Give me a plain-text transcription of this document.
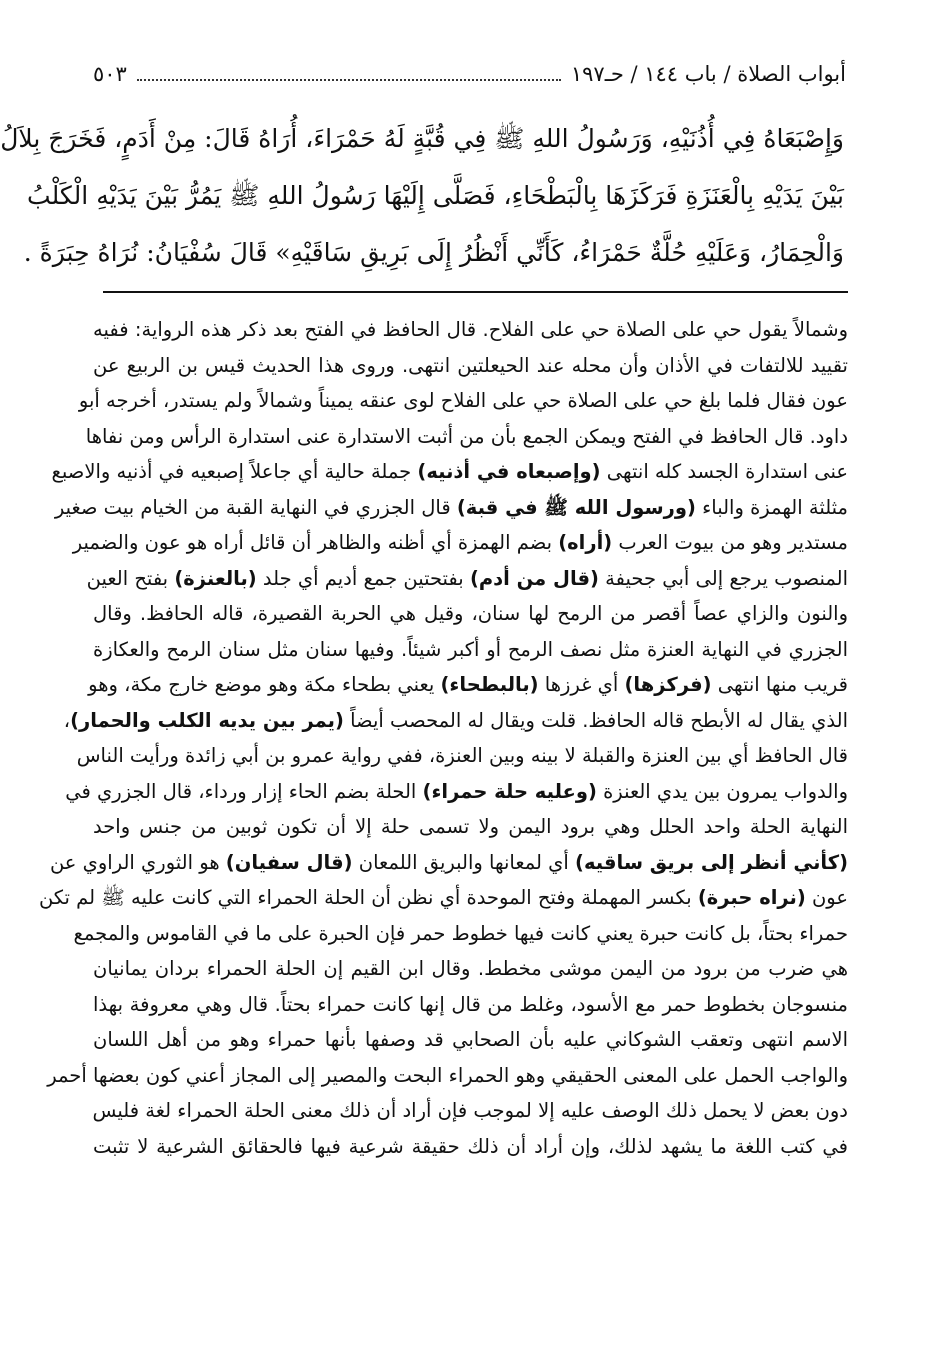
أبواب الصلاة / باب ١٤٤ / حـ١٩٧
٥٠٣
وَإِصْبَعَاهُ فِي أُذُنَيْهِ، وَرَسُولُ اللهِ ﷺ فِي قُبَّةٍ لَهُ حَمْرَاءَ، أُرَاهُ قَالَ: مِنْ أَدَمٍ، فَخَرَجَ بِلاَلُ
بَيْنَ يَدَيْهِ بِالْعَنَزَةِ فَرَكَزَهَا بِالْبَطْحَاءِ، فَصَلَّى إِلَيْهَا رَسُولُ اللهِ ﷺ يَمُرُّ بَيْنَ يَدَيْهِ الْكَلْبُ
وَالْحِمَارُ، وَعَلَيْهِ حُلَّةٌ حَمْرَاءُ، كَأَنِّي أَنْظُرُ إِلَى بَرِيقِ سَاقَيْهِ» قَالَ سُفْيَانُ: نُرَاهُ حِبَرَةً .
وشمالاً يقول حي على الصلاة حي على الفلاح. قال الحافظ في الفتح بعد ذكر هذه الرواية: ففيه
تقييد للالتفات في الأذان وأن محله عند الحيعلتين انتهى. وروى هذا الحديث قيس بن الربيع عن
عون فقال فلما بلغ حي على الصلاة حي على الفلاح لوى عنقه يميناً وشمالاً ولم يستدر، أخرجه أبو
داود. قال الحافظ في الفتح ويمكن الجمع بأن من أثبت الاستدارة عنى استدارة الرأس ومن نفاها
عنى استدارة الجسد كله انتهى (وإصبعاه في أذنيه) جملة حالية أي جاعلاً إصبعيه في أذنيه والاصبع
مثلثة الهمزة والباء (ورسول الله ﷺ في قبة) قال الجزري في النهاية القبة من الخيام بيت صغير
مستدير وهو من بيوت العرب (أراه) بضم الهمزة أي أظنه والظاهر أن قائل أراه هو عون والضمير
المنصوب يرجع إلى أبي جحيفة (قال من أدم) بفتحتين جمع أديم أي جلد (بالعنزة) بفتح العين
والنون والزاي عصاً أقصر من الرمح لها سنان، وقيل هي الحربة القصيرة، قاله الحافظ. وقال
الجزري في النهاية العنزة مثل نصف الرمح أو أكبر شيئاً. وفيها سنان مثل سنان الرمح والعكازة
قريب منها انتهى (فركزها) أي غرزها (بالبطحاء) يعني بطحاء مكة وهو موضع خارج مكة، وهو
الذي يقال له الأبطح قاله الحافظ. قلت ويقال له المحصب أيضاً (يمر بين يديه الكلب والحمار)،
قال الحافظ أي بين العنزة والقبلة لا بينه وبين العنزة، ففي رواية عمرو بن أبي زائدة ورأيت الناس
والدواب يمرون بين يدي العنزة (وعليه حلة حمراء) الحلة بضم الحاء إزار ورداء، قال الجزري في
النهاية الحلة واحد الحلل وهي برود اليمن ولا تسمى حلة إلا أن تكون ثوبين من جنس واحد
(كأني أنظر إلى بريق ساقيه) أي لمعانها والبريق اللمعان (قال سفيان) هو الثوري الراوي عن
عون (نراه حبرة) بكسر المهملة وفتح الموحدة أي نظن أن الحلة الحمراء التي كانت عليه ﷺ لم تكن
حمراء بحتاً، بل كانت حبرة يعني كانت فيها خطوط حمر فإن الحبرة على ما في القاموس والمجمع
هي ضرب من برود من اليمن موشى مخطط. وقال ابن القيم إن الحلة الحمراء بردان يمانيان
منسوجان بخطوط حمر مع الأسود، وغلط من قال إنها كانت حمراء بحتاً. قال وهي معروفة بهذا
الاسم انتهى وتعقب الشوكاني عليه بأن الصحابي قد وصفها بأنها حمراء وهو من أهل اللسان
والواجب الحمل على المعنى الحقيقي وهو الحمراء البحت والمصير إلى المجاز أعني كون بعضها أحمر
دون بعض لا يحمل ذلك الوصف عليه إلا لموجب فإن أراد أن ذلك معنى الحلة الحمراء لغة فليس
في كتب اللغة ما يشهد لذلك، وإن أراد أن ذلك حقيقة شرعية فيها فالحقائق الشرعية لا تثبت
